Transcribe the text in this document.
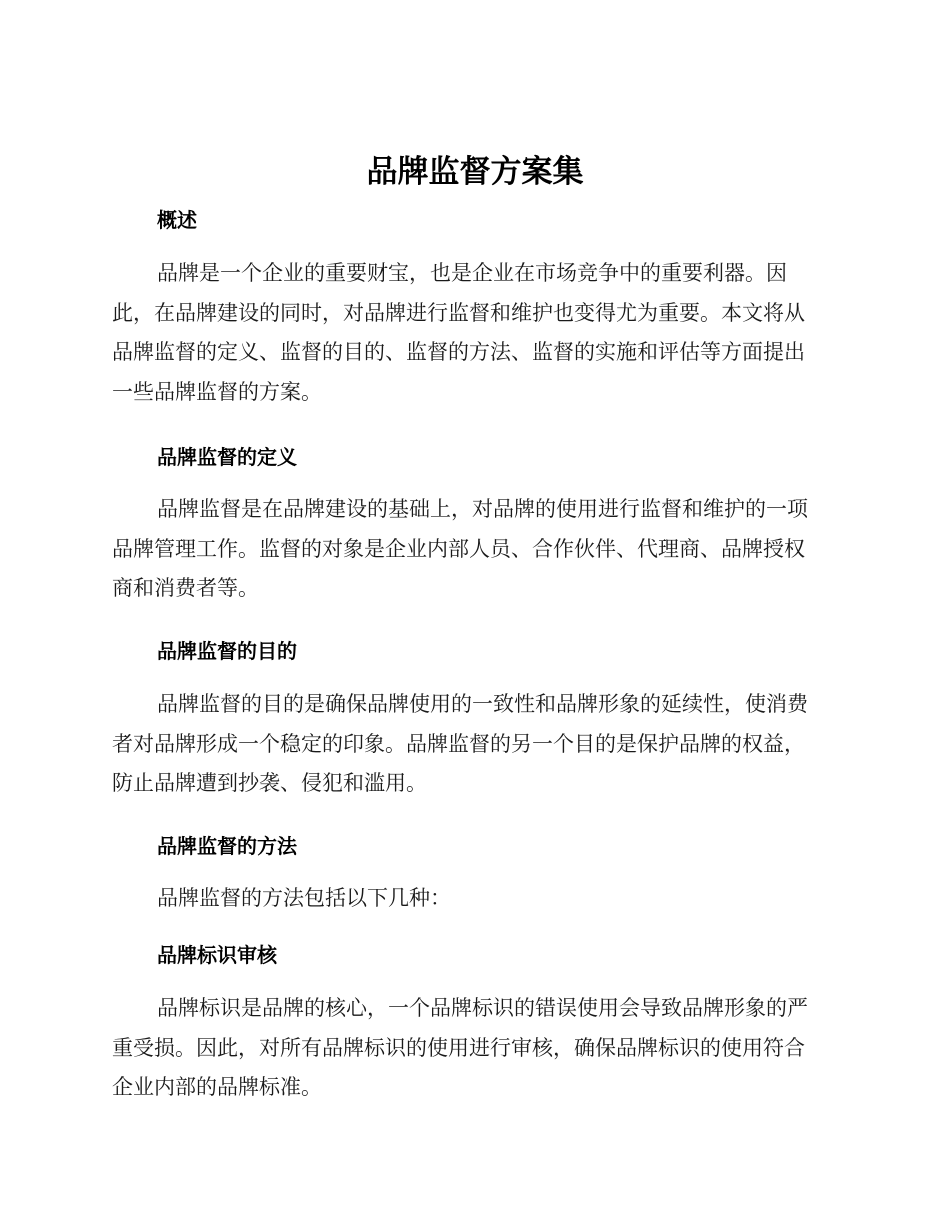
品牌监督方案集
概述
品牌是一个企业的重要财宝，也是企业在市场竞争中的重要利器。因
此，在品牌建设的同时，对品牌进行监督和维护也变得尤为重要。本文将从
品牌监督的定义、监督的目的、监督的方法、监督的实施和评估等方面提出
一些品牌监督的方案。
品牌监督的定义
品牌监督是在品牌建设的基础上，对品牌的使用进行监督和维护的一项
品牌管理工作。监督的对象是企业内部人员、合作伙伴、代理商、品牌授权
商和消费者等。
品牌监督的目的
品牌监督的目的是确保品牌使用的一致性和品牌形象的延续性，使消费
者对品牌形成一个稳定的印象。品牌监督的另一个目的是保护品牌的权益，
防止品牌遭到抄袭、侵犯和滥用。
品牌监督的方法
品牌监督的方法包括以下几种：
品牌标识审核
品牌标识是品牌的核心，一个品牌标识的错误使用会导致品牌形象的严
重受损。因此，对所有品牌标识的使用进行审核，确保品牌标识的使用符合
企业内部的品牌标准。
